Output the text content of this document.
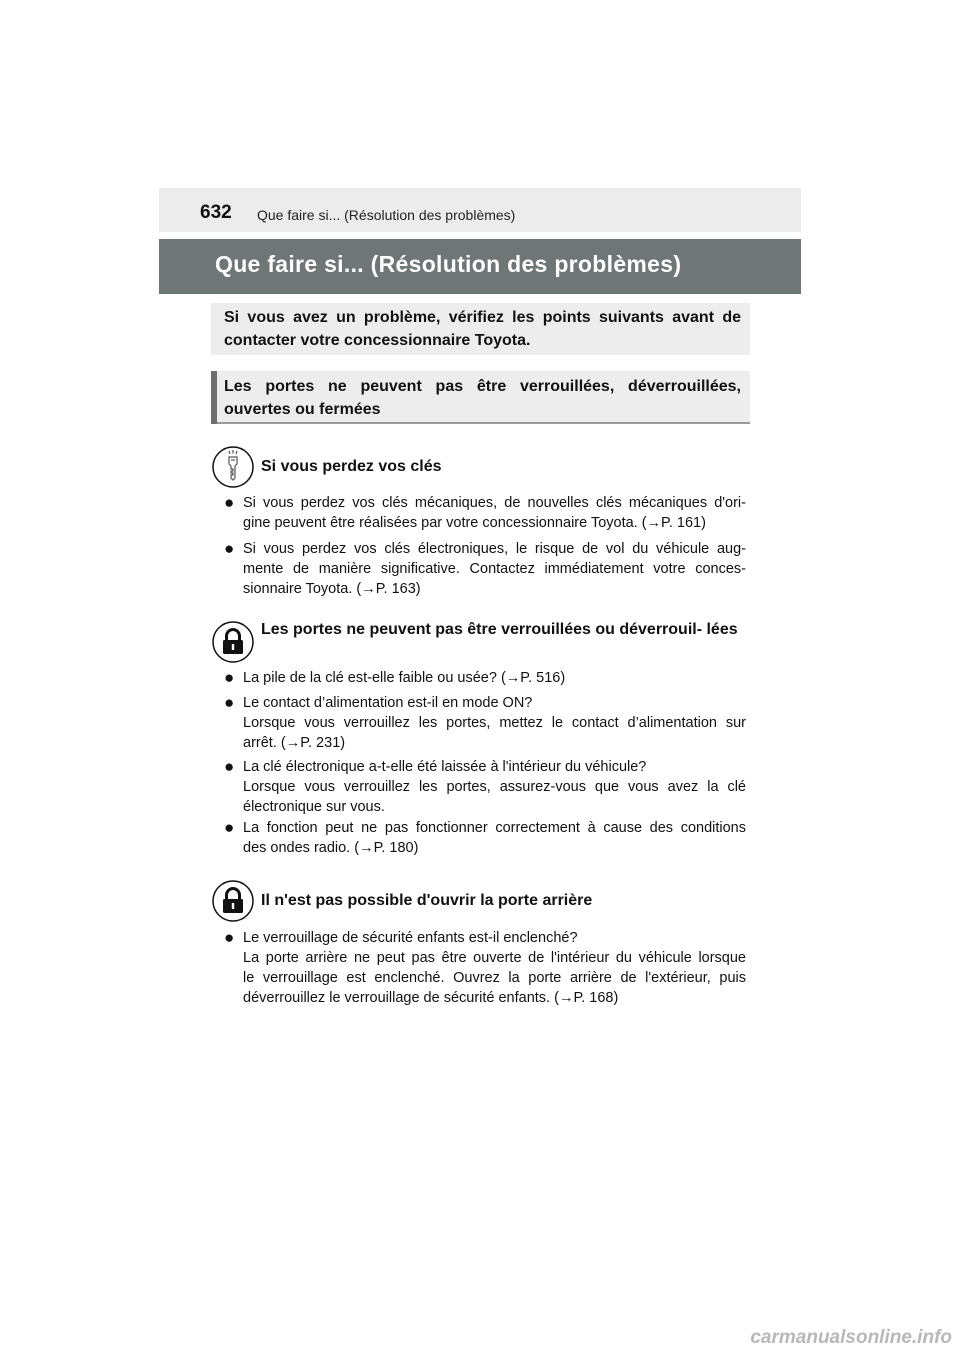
632 Que faire si... (Résolution des problèmes)
Que faire si... (Résolution des problèmes)
Si vous avez un problème, vérifiez les points suivants avant de contacter votre concessionnaire Toyota.
Les portes ne peuvent pas être verrouillées, déverrouillées, ouvertes ou fermées
Si vous perdez vos clés
● Si vous perdez vos clés mécaniques, de nouvelles clés mécaniques d'ori-
gine peuvent être réalisées par votre concessionnaire Toyota. (→P. 161)
● Si vous perdez vos clés électroniques, le risque de vol du véhicule aug-
mente de manière significative. Contactez immédiatement votre conces-
sionnaire Toyota. (→P. 163)
Les portes ne peuvent pas être verrouillées ou déverrouil- lées
● La pile de la clé est-elle faible ou usée? (→P. 516)
● Le contact d’alimentation est-il en mode ON?
Lorsque vous verrouillez les portes, mettez le contact d’alimentation sur
arrêt. (→P. 231)
● La clé électronique a-t-elle été laissée à l'intérieur du véhicule?
Lorsque vous verrouillez les portes, assurez-vous que vous avez la clé
électronique sur vous.
● La fonction peut ne pas fonctionner correctement à cause des conditions
des ondes radio. (→P. 180)
Il n'est pas possible d'ouvrir la porte arrière
● Le verrouillage de sécurité enfants est-il enclenché?
La porte arrière ne peut pas être ouverte de l'intérieur du véhicule lorsque
le verrouillage est enclenché. Ouvrez la porte arrière de l'extérieur, puis
déverrouillez le verrouillage de sécurité enfants. (→P. 168)
carmanualsonline.info
